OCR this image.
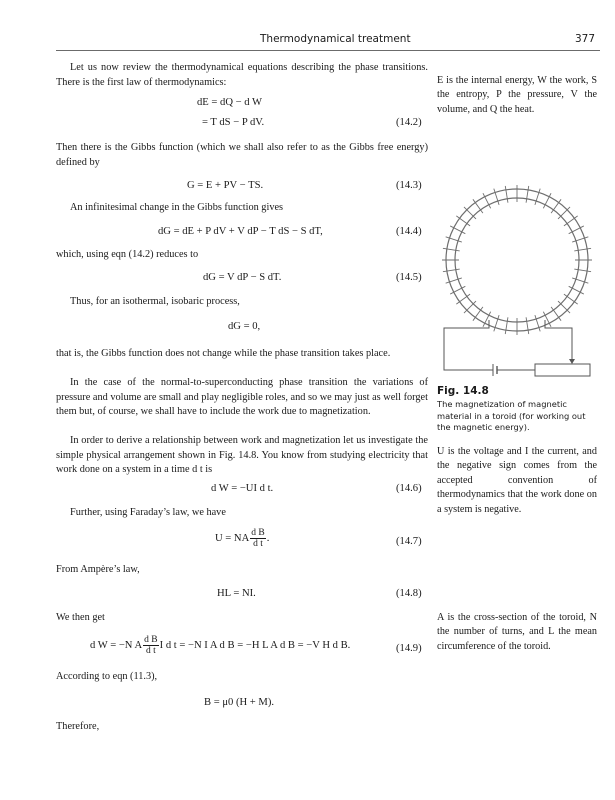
Thermodynamical treatment	377

Let us now review the thermodynamical equations describing the phase transitions. There is the first law of thermodynamics:

dE = dQ − d W
= T dS − P dV.	(14.2)

Then there is the Gibbs function (which we shall also refer to as the Gibbs free energy) defined by

G = E + PV − TS.	(14.3)

An infinitesimal change in the Gibbs function gives

dG = dE + P dV + V dP − T dS − S dT,	(14.4)

which, using eqn (14.2) reduces to

dG = V dP − S dT.	(14.5)

Thus, for an isothermal, isobaric process,

dG = 0,

that is, the Gibbs function does not change while the phase transition takes place.

In the case of the normal-to-superconducting phase transition the variations of pressure and volume are small and play negligible roles, and so we may just as well forget them but, of course, we shall have to include the work due to magnetization.

In order to derive a relationship between work and magnetization let us investigate the simple physical arrangement shown in Fig. 14.8. You know from studying electricity that work done on a system in a time d t is

d W = −UI d t.	(14.6)

Further, using Faraday’s law, we have

U = NA $\frac{\text{d B}}{\text{d t}}$ .	(14.7)

From Ampère’s law,

HL = NI.	(14.8)

We then get

d W = −N A $\frac{\text{d B}}{\text{d t}}$ I d t = −N I A d B = −H L A d B = −V H d B.	(14.9)

According to eqn (11.3),

B = μ0 (H + M).

Therefore,

E is the internal energy, W the work, S the entropy, P the pressure, V the volume, and Q the heat.

Fig. 14.8
The magnetization of magnetic material in a toroid (for working out the magnetic energy).

U is the voltage and I the current, and the negative sign comes from the accepted convention of thermodynamics that the work done on a system is negative.

A is the cross-section of the toroid, N the number of turns, and L the mean circumference of the toroid.
